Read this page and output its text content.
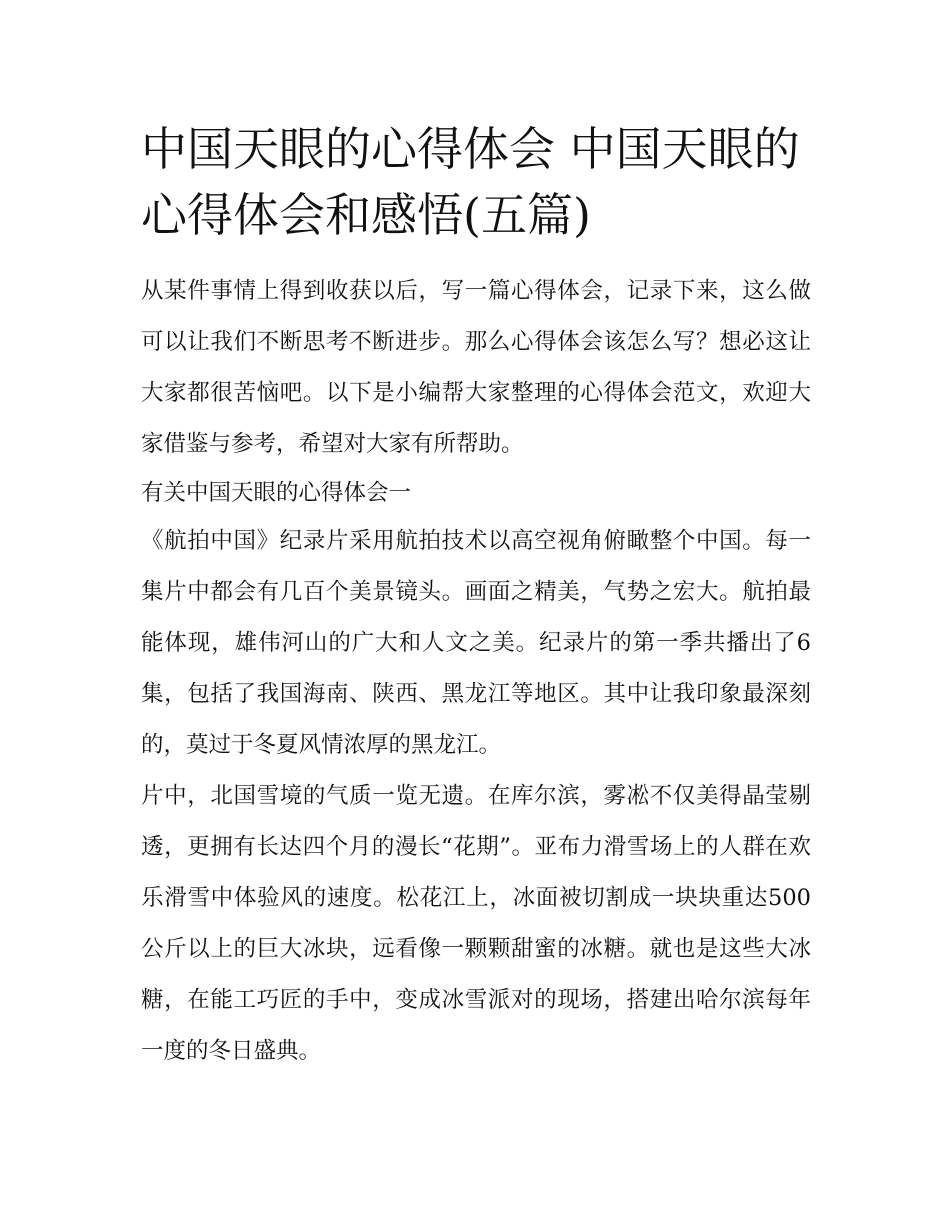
中国天眼的心得体会 中国天眼的心得体会和感悟(五篇)

从某件事情上得到收获以后，写一篇心得体会，记录下来，这么做可以让我们不断思考不断进步。那么心得体会该怎么写？想必这让大家都很苦恼吧。以下是小编帮大家整理的心得体会范文，欢迎大家借鉴与参考，希望对大家有所帮助。

有关中国天眼的心得体会一

《航拍中国》纪录片采用航拍技术以高空视角俯瞰整个中国。每一集片中都会有几百个美景镜头。画面之精美，气势之宏大。航拍最能体现，雄伟河山的广大和人文之美。纪录片的第一季共播出了6集，包括了我国海南、陕西、黑龙江等地区。其中让我印象最深刻的，莫过于冬夏风情浓厚的黑龙江。

片中，北国雪境的气质一览无遗。在库尔滨，雾凇不仅美得晶莹剔透，更拥有长达四个月的漫长“花期”。亚布力滑雪场上的人群在欢乐滑雪中体验风的速度。松花江上，冰面被切割成一块块重达500公斤以上的巨大冰块，远看像一颗颗甜蜜的冰糖。就也是这些大冰糖，在能工巧匠的手中，变成冰雪派对的现场，搭建出哈尔滨每年一度的冬日盛典。
